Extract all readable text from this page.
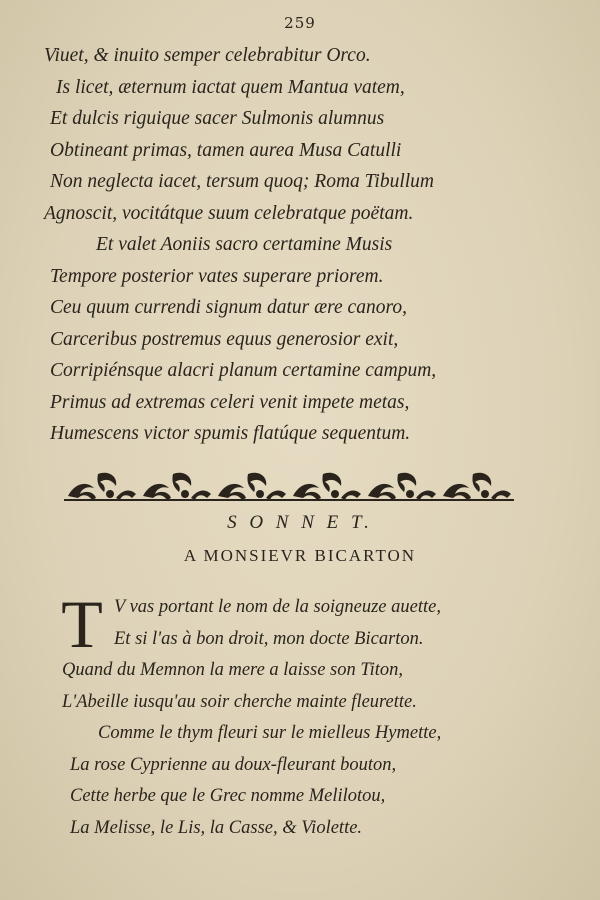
259
Viuet, & inuito semper celebrabitur Orco.
Is licet, æternum iactat quem Mantua vatem,
Et dulcis riguique sacer Sulmonis alumnus
Obtineant primas, tamen aurea Musa Catulli
Non neglecta iacet, tersum quoq; Roma Tibullum
Agnoscit, vocitátque suum celebratque poëtam.
Et valet Aoniis sacro certamine Musis
Tempore posterior vates superare priorem.
Ceu quum currendi signum datur ære canoro,
Carceribus postremus equus generosior exit,
Corripiénsque alacri planum certamine campum,
Primus ad extremas celeri venit impete metas,
Humescens victor spumis flatúque sequentum.
S O N N E T.
A MONSIEVR BICARTON
T V vas portant le nom de la soigneuze auette,
Et si l'as à bon droit, mon docte Bicarton.
Quand du Memnon la mere a laisse son Titon,
L'Abeille iusqu'au soir cherche mainte fleurette.
Comme le thym fleuri sur le mielleus Hymette,
La rose Cyprienne au doux-fleurant bouton,
Cette herbe que le Grec nomme Melilotou,
La Melisse, le Lis, la Casse, & Violette.
